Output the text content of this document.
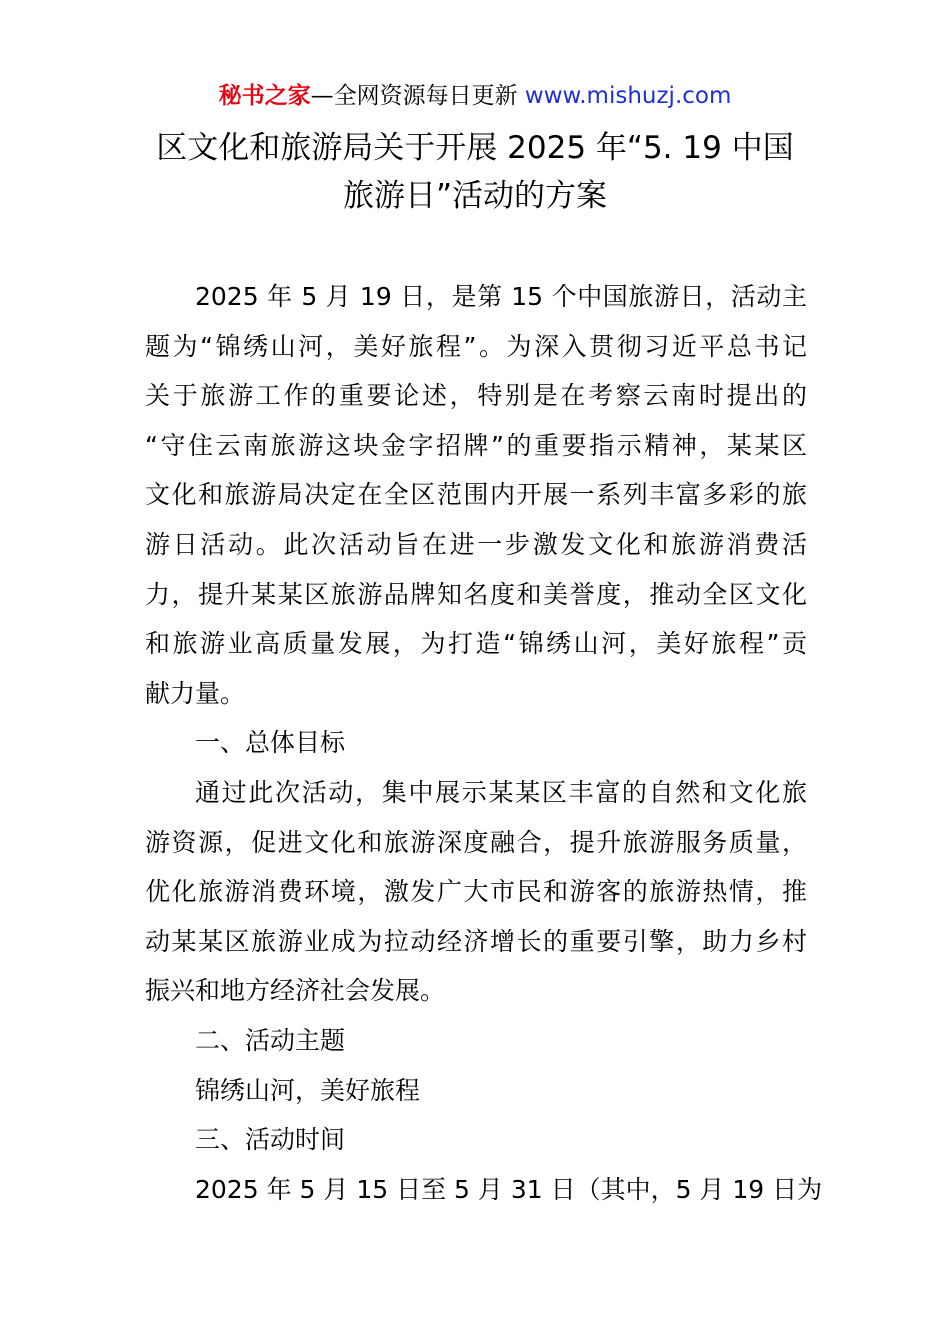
秘书之家—全网资源每日更新 www.mishuzj.com
区文化和旅游局关于开展 2025 年“5. 19 中国
旅游日”活动的方案

2025 年 5 月 19 日，是第 15 个中国旅游日，活动主
题为“锦绣山河，美好旅程”。为深入贯彻习近平总书记
关于旅游工作的重要论述，特别是在考察云南时提出的
“守住云南旅游这块金字招牌”的重要指示精神，某某区
文化和旅游局决定在全区范围内开展一系列丰富多彩的旅
游日活动。此次活动旨在进一步激发文化和旅游消费活
力，提升某某区旅游品牌知名度和美誉度，推动全区文化
和旅游业高质量发展，为打造“锦绣山河，美好旅程”贡
献力量。

一、总体目标

通过此次活动，集中展示某某区丰富的自然和文化旅
游资源，促进文化和旅游深度融合，提升旅游服务质量，
优化旅游消费环境，激发广大市民和游客的旅游热情，推
动某某区旅游业成为拉动经济增长的重要引擎，助力乡村
振兴和地方经济社会发展。

二、活动主题

锦绣山河，美好旅程

三、活动时间

2025 年 5 月 15 日至 5 月 31 日（其中，5 月 19 日为
